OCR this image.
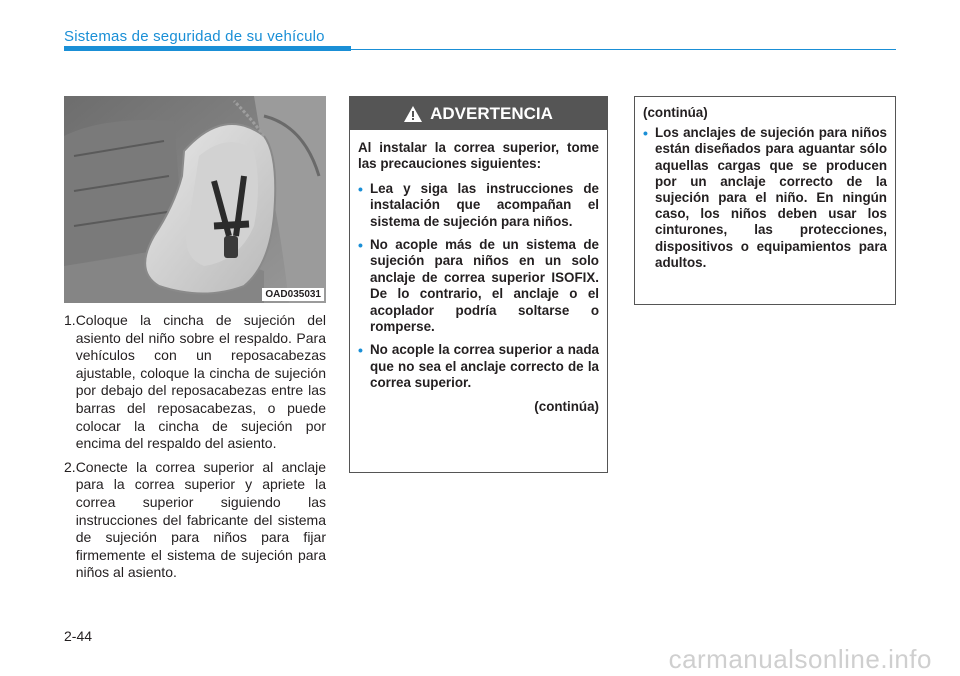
Sistemas de seguridad de su vehículo
OAD035031

1. Coloque la cincha de sujeción del asiento del niño sobre el respaldo. Para vehículos con un reposacabezas ajustable, coloque la cincha de sujeción por debajo del reposacabezas entre las barras del reposacabezas, o puede colocar la cincha de sujeción por encima del respaldo del asiento.

2. Conecte la correa superior al anclaje para la correa superior y apriete la correa superior siguiendo las instrucciones del fabricante del sistema de sujeción para niños para fijar firmemente el sistema de sujeción para niños al asiento.

ADVERTENCIA

Al instalar la correa superior, tome las precauciones siguientes:

• Lea y siga las instrucciones de instalación que acompañan el sistema de sujeción para niños.
• No acople más de un sistema de sujeción para niños en un solo anclaje de correa superior ISOFIX. De lo contrario, el anclaje o el acoplador podría soltarse o romperse.
• No acople la correa superior a nada que no sea el anclaje correcto de la correa superior.
(continúa)

(continúa)

• Los anclajes de sujeción para niños están diseñados para aguantar sólo aquellas cargas que se producen por un anclaje correcto de la sujeción para el niño. En ningún caso, los niños deben usar los cinturones, las protecciones, dispositivos o equipamientos para adultos.
2-44
carmanualsonline.info
